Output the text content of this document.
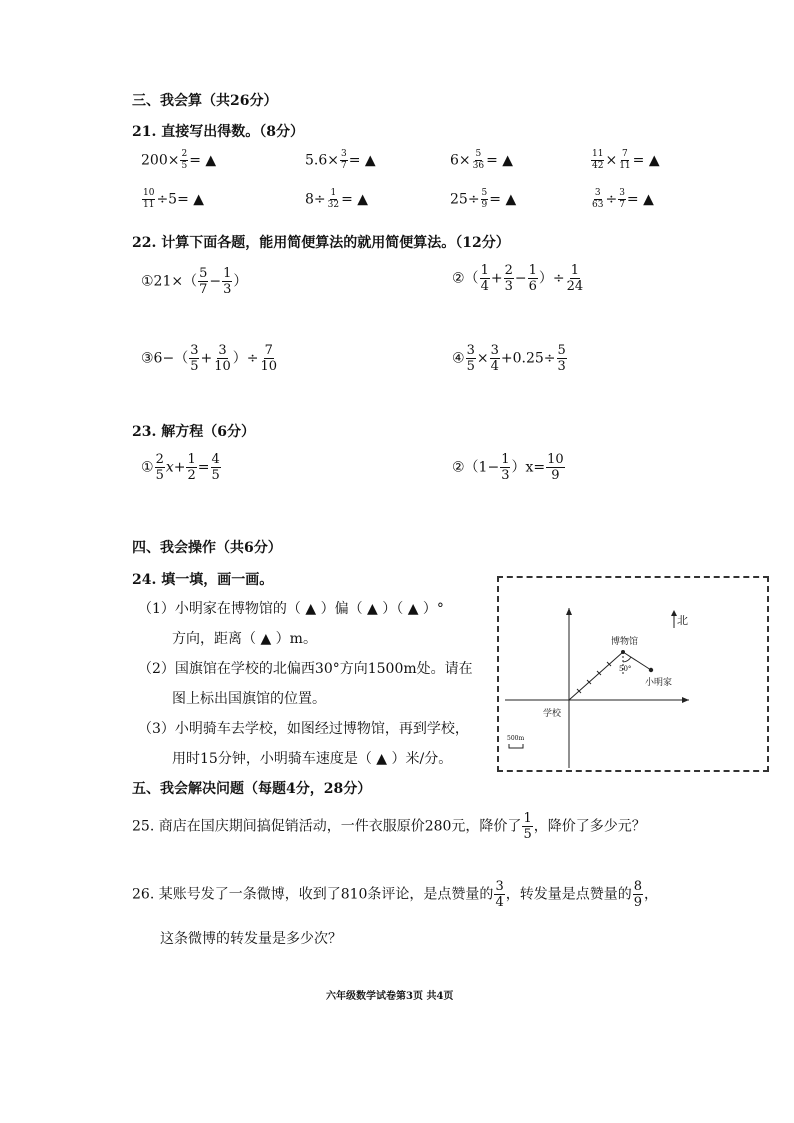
三、我会算（共26分）
21. 直接写出得数。（8分）
$200\times \frac{2}{5}$ = ▲	$5.6\times \frac{3}{7}$ = ▲	$6\times \frac{5}{36}$ = ▲	$\frac{11}{42} \times \frac{7}{11}$ = ▲
$\frac{10}{11} \div 5=$ ▲	$8\div \frac{1}{32}$ = ▲	$25\div \frac{5}{9}$ = ▲	$\frac{3}{63} \div \frac{3}{7}$ = ▲
22. 计算下面各题，能用简便算法的就用简便算法。（12分）
①21×（ $\frac{5}{7} - \frac{1}{3}$ ）	②（ $\frac{1}{4} + \frac{2}{3} - \frac{1}{6}$ ）÷ $\frac{1}{24}$
③6−（ $\frac{3}{5} + \frac{3}{10}$ ）÷ $\frac{7}{10}$	④ $\frac{3}{5} \times \frac{3}{4} +0.25\div \frac{5}{3}$
23. 解方程（6分）
① $\frac{2}{5} x+ \frac{1}{2} = \frac{4}{5}$	②（1− $\frac{1}{3} )x= \frac{10}{9}$
四、我会操作（共6分）
24. 填一填，画一画。
（1）小明家在博物馆的（ ▲ ）偏（ ▲ ）（ ▲ ）°
方向，距离（ ▲ ）m。
（2）国旗馆在学校的北偏西30°方向1500m处。请在
图上标出国旗馆的位置。
（3）小明骑车去学校，如图经过博物馆，再到学校，
用时15分钟，小明骑车速度是（ ▲ ）米/分。
北
博物馆
50°
小明家
学校
500m
五、我会解决问题（每题4分，28分）
25. 商店在国庆期间搞促销活动，一件衣服原价280元，降价了 $\frac{1}{5}$ ，降价了多少元？
26. 某账号发了一条微博，收到了810条评论，是点赞量的 $\frac{3}{4}$ ，转发量是点赞量的 $\frac{8}{9}$ ，
这条微博的转发量是多少次？
六年级数学试卷第3页 共4页
